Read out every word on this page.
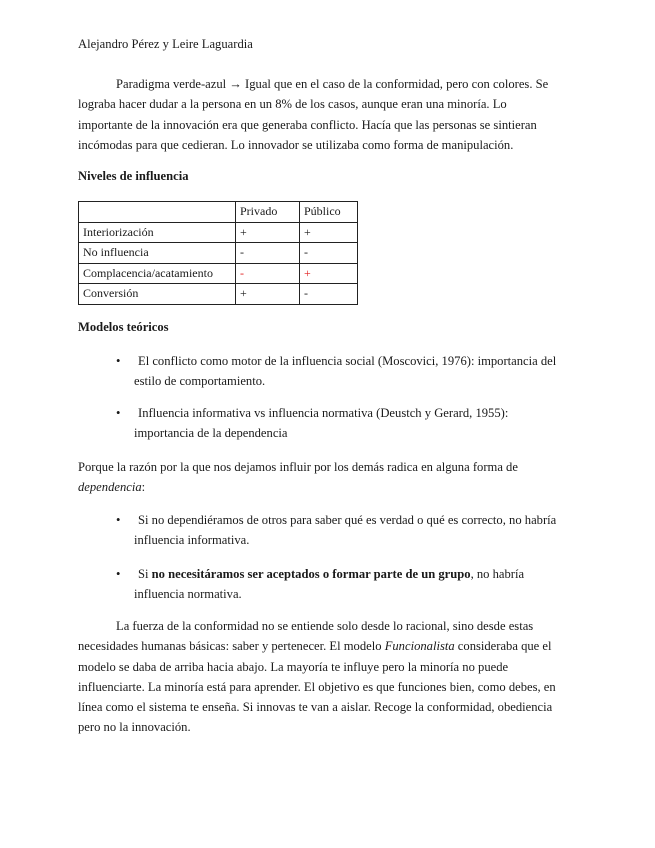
Alejandro Pérez y Leire Laguardia

Paradigma verde-azul → Igual que en el caso de la conformidad, pero con colores. Se
lograba hacer dudar a la persona en un 8% de los casos, aunque eran una minoría. Lo
importante de la innovación era que generaba conflicto. Hacía que las personas se sintieran
incómodas para que cedieran. Lo innovador se utilizaba como forma de manipulación.

Niveles de influencia

	Privado	Público
Interiorización	+	+
No influencia	-	-
Complacencia/acatamiento	-	+
Conversión	+	-

Modelos teóricos

• El conflicto como motor de la influencia social (Moscovici, 1976): importancia del
estilo de comportamiento.
• Influencia informativa vs influencia normativa (Deustch y Gerard, 1955):
importancia de la dependencia

Porque la razón por la que nos dejamos influir por los demás radica en alguna forma de
dependencia:

• Si no dependiéramos de otros para saber qué es verdad o qué es correcto, no habría
influencia informativa.
• Si no necesitáramos ser aceptados o formar parte de un grupo, no habría
influencia normativa.

La fuerza de la conformidad no se entiende solo desde lo racional, sino desde estas
necesidades humanas básicas: saber y pertenecer. El modelo Funcionalista consideraba que el
modelo se daba de arriba hacia abajo. La mayoría te influye pero la minoría no puede
influenciarte. La minoría está para aprender. El objetivo es que funciones bien, como debes, en
línea como el sistema te enseña. Si innovas te van a aislar. Recoge la conformidad, obediencia
pero no la innovación.
